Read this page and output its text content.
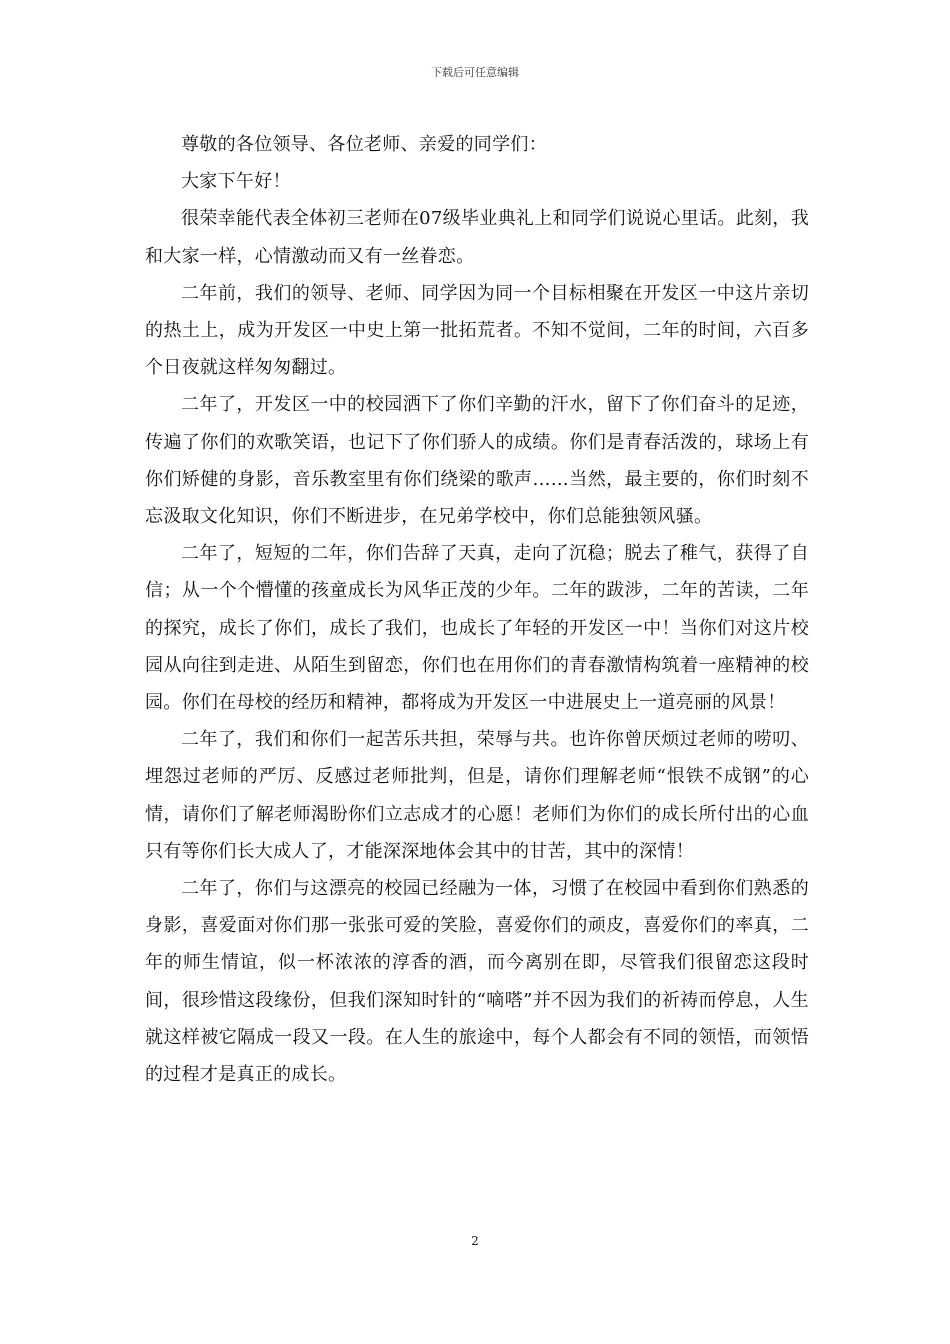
下载后可任意编辑

尊敬的各位领导、各位老师、亲爱的同学们：

大家下午好！

很荣幸能代表全体初三老师在07级毕业典礼上和同学们说说心里话。此刻，我和大家一样，心情激动而又有一丝眷恋。

二年前，我们的领导、老师、同学因为同一个目标相聚在开发区一中这片亲切的热土上，成为开发区一中史上第一批拓荒者。不知不觉间，二年的时间，六百多个日夜就这样匆匆翻过。

二年了，开发区一中的校园洒下了你们辛勤的汗水，留下了你们奋斗的足迹，传遍了你们的欢歌笑语，也记下了你们骄人的成绩。你们是青春活泼的，球场上有你们矫健的身影，音乐教室里有你们绕梁的歌声……当然，最主要的，你们时刻不忘汲取文化知识，你们不断进步，在兄弟学校中，你们总能独领风骚。

二年了，短短的二年，你们告辞了天真，走向了沉稳；脱去了稚气，获得了自信；从一个个懵懂的孩童成长为风华正茂的少年。二年的跋涉，二年的苦读，二年的探究，成长了你们，成长了我们，也成长了年轻的开发区一中！当你们对这片校园从向往到走进、从陌生到留恋，你们也在用你们的青春激情构筑着一座精神的校园。你们在母校的经历和精神，都将成为开发区一中进展史上一道亮丽的风景！

二年了，我们和你们一起苦乐共担，荣辱与共。也许你曾厌烦过老师的唠叨、埋怨过老师的严厉、反感过老师批判，但是，请你们理解老师“恨铁不成钢”的心情，请你们了解老师渴盼你们立志成才的心愿！老师们为你们的成长所付出的心血只有等你们长大成人了，才能深深地体会其中的甘苦，其中的深情！

二年了，你们与这漂亮的校园已经融为一体，习惯了在校园中看到你们熟悉的身影，喜爱面对你们那一张张可爱的笑脸，喜爱你们的顽皮，喜爱你们的率真，二年的师生情谊，似一杯浓浓的淳香的酒，而今离别在即，尽管我们很留恋这段时间，很珍惜这段缘份，但我们深知时针的“嘀嗒”并不因为我们的祈祷而停息，人生就这样被它隔成一段又一段。在人生的旅途中，每个人都会有不同的领悟，而领悟的过程才是真正的成长。

2
